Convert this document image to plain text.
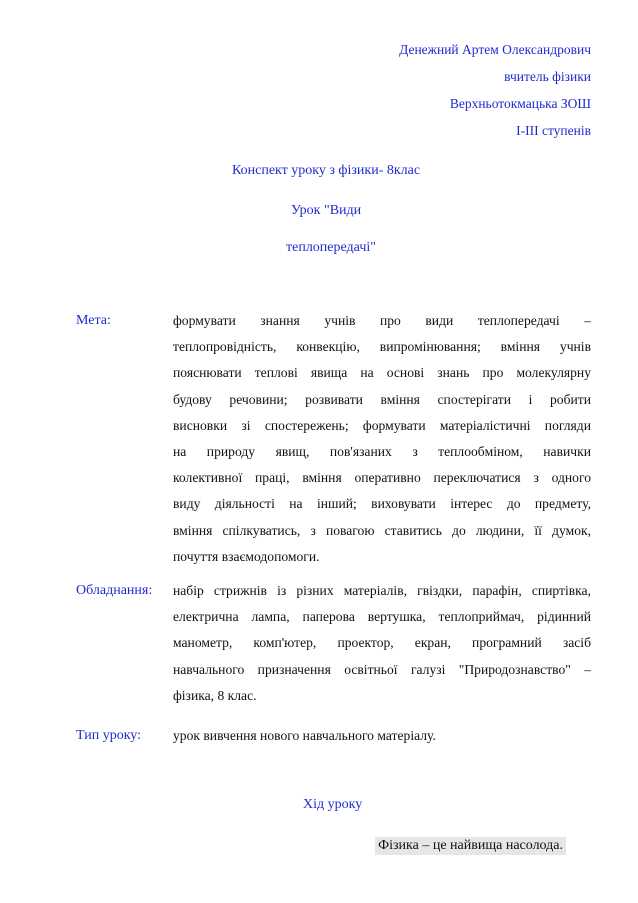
Денежний Артем Олександрович
вчитель фізики
Верхньотокмацька ЗОШ
І-ІІІ ступенів
Конспект уроку з фізики- 8клас
Урок "Види
теплопередачі"
Мета:	формувати знання учнів про види теплопередачі –
теплопровідність, конвекцію, випромінювання; вміння учнів
пояснювати теплові явища на основі знань про молекулярну
будову речовини; розвивати вміння спостерігати і робити
висновки зі спостережень; формувати матеріалістичні погляди
на природу явищ, пов'язаних з теплообміном, навички
колективної праці, вміння оперативно переключатися з одного
виду діяльності на інший; виховувати інтерес до предмету,
вміння спілкуватись, з повагою ставитись до людини, її думок,
почуття взаємодопомоги.
Обладнання: набір стрижнів із різних матеріалів, гвіздки, парафін, спиртівка,
електрична лампа, паперова вертушка, теплоприймач, рідинний
манометр, комп'ютер, проектор, екран, програмний засіб
навчального призначення освітньої галузі "Природознавство" –
фізика, 8 клас.
Тип уроку: урок вивчення нового навчального матеріалу.
Хід уроку
Фізика – це найвища насолода.
